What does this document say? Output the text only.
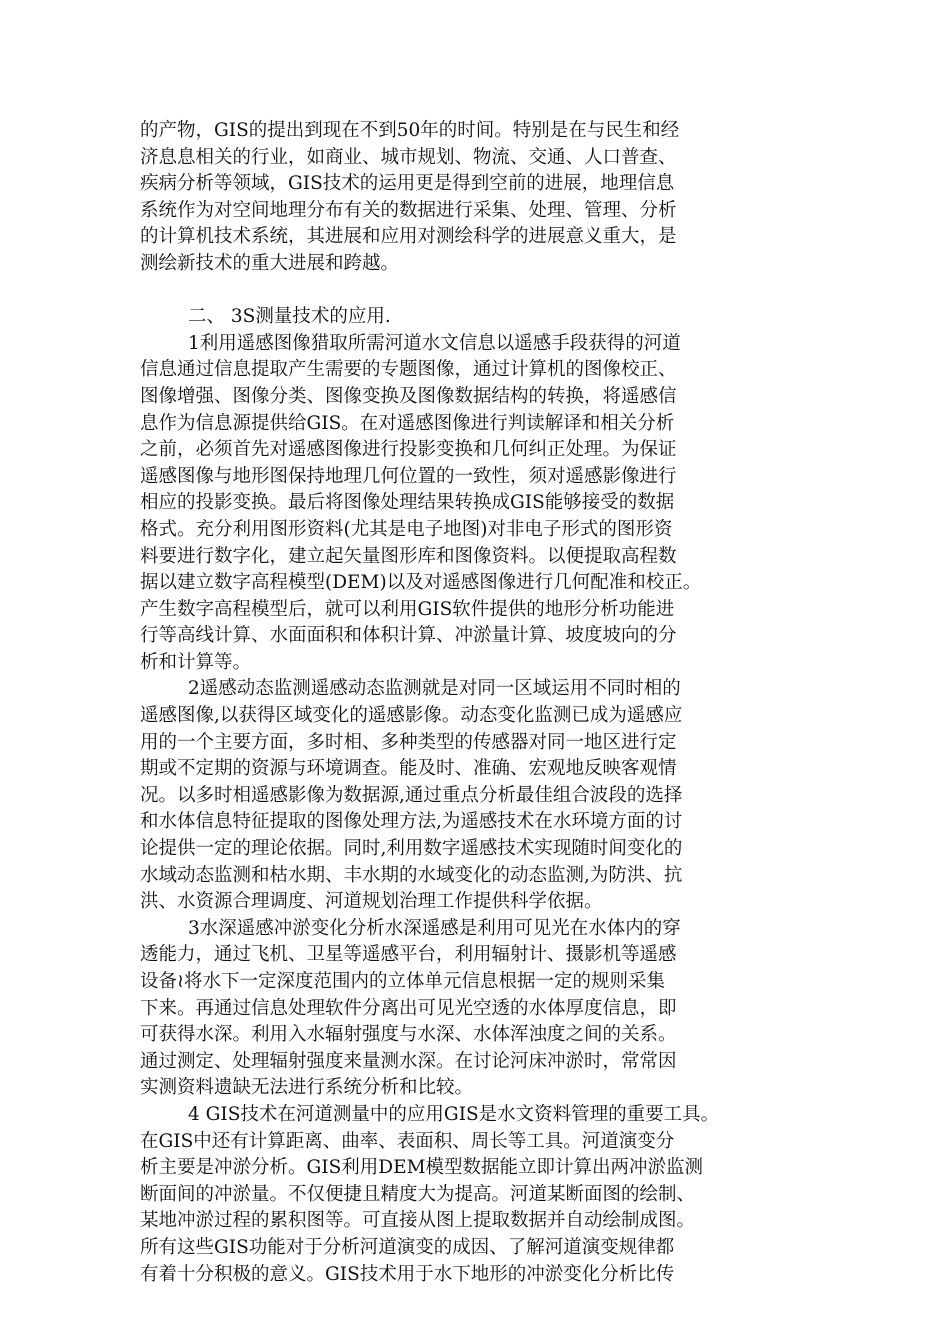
的产物，GIS的提出到现在不到50年的时间。特别是在与民生和经
济息息相关的行业，如商业、城市规划、物流、交通、人口普查、
疾病分析等领域，GIS技术的运用更是得到空前的进展，地理信息
系统作为对空间地理分布有关的数据进行采集、处理、管理、分析
的计算机技术系统，其进展和应用对测绘科学的进展意义重大，是
测绘新技术的重大进展和跨越。
二、 3S测量技术的应用.
1利用遥感图像猎取所需河道水文信息以遥感手段获得的河道
信息通过信息提取产生需要的专题图像，通过计算机的图像校正、
图像增强、图像分类、图像变换及图像数据结构的转换，将遥感信
息作为信息源提供给GIS。在对遥感图像进行判读解译和相关分析
之前，必须首先对遥感图像进行投影变换和几何纠正处理。为保证
遥感图像与地形图保持地理几何位置的一致性，须对遥感影像进行
相应的投影变换。最后将图像处理结果转换成GIS能够接受的数据
格式。充分利用图形资料(尤其是电子地图)对非电子形式的图形资
料要进行数字化，建立起矢量图形库和图像资料。以便提取高程数
据以建立数字高程模型(DEM)以及对遥感图像进行几何配准和校正。
产生数字高程模型后，就可以利用GIS软件提供的地形分析功能进
行等高线计算、水面面积和体积计算、冲淤量计算、坡度坡向的分
析和计算等。
2遥感动态监测遥感动态监测就是对同一区域运用不同时相的
遥感图像,以获得区域变化的遥感影像。动态变化监测已成为遥感应
用的一个主要方面，多时相、多种类型的传感器对同一地区进行定
期或不定期的资源与环境调查。能及时、准确、宏观地反映客观情
况。以多时相遥感影像为数据源,通过重点分析最佳组合波段的选择
和水体信息特征提取的图像处理方法,为遥感技术在水环境方面的讨
论提供一定的理论依据。同时,利用数字遥感技术实现随时间变化的
水域动态监测和枯水期、丰水期的水域变化的动态监测,为防洪、抗
洪、水资源合理调度、河道规划治理工作提供科学依据。
3水深遥感冲淤变化分析水深遥感是利用可见光在水体内的穿
透能力，通过飞机、卫星等遥感平台，利用辐射计、摄影机等遥感
设备≀将水下一定深度范围内的立体单元信息根据一定的规则采集
下来。再通过信息处理软件分离出可见光空透的水体厚度信息，即
可获得水深。利用入水辐射强度与水深、水体浑浊度之间的关系。
通过测定、处理辐射强度来量测水深。在讨论河床冲淤时，常常因
实测资料遗缺无法进行系统分析和比较。
4 GIS技术在河道测量中的应用GIS是水文资料管理的重要工具。
在GIS中还有计算距离、曲率、表面积、周长等工具。河道演变分
析主要是冲淤分析。GIS利用DEM模型数据能立即计算出两冲淤监测
断面间的冲淤量。不仅便捷且精度大为提高。河道某断面图的绘制、
某地冲淤过程的累积图等。可直接从图上提取数据并自动绘制成图。
所有这些GIS功能对于分析河道演变的成因、了解河道演变规律都
有着十分积极的意义。GIS技术用于水下地形的冲淤变化分析比传
